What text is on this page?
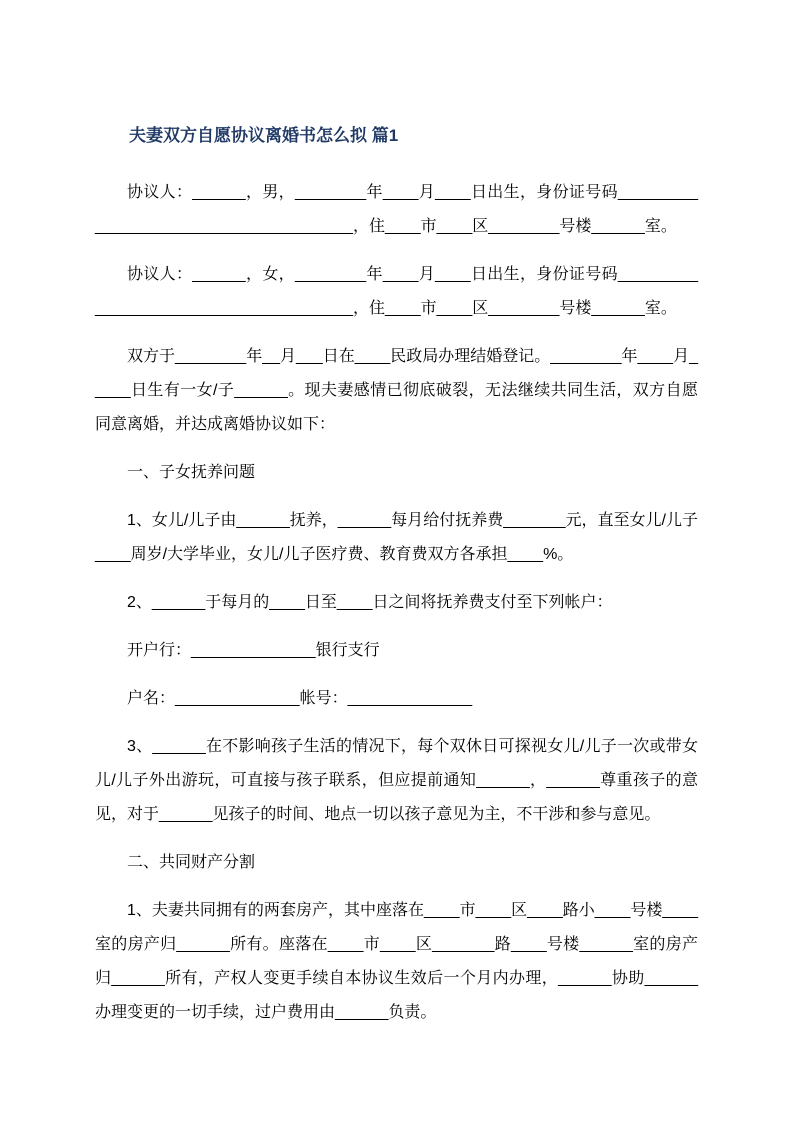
夫妻双方自愿协议离婚书怎么拟 篇1

协议人：______，男，________年____月____日出生，身份证号码______________________________________，住____市____区________号楼______室。

协议人：______，女，________年____月____日出生，身份证号码______________________________________，住____市____区________号楼______室。

双方于________年__月___日在____民政局办理结婚登记。________年____月_____日生有一女/子______。现夫妻感情已彻底破裂，无法继续共同生活，双方自愿同意离婚，并达成离婚协议如下：

一、子女抚养问题

1、女儿/儿子由______抚养，______每月给付抚养费_______元，直至女儿/儿子____周岁/大学毕业，女儿/儿子医疗费、教育费双方各承担____%。

2、______于每月的____日至____日之间将抚养费支付至下列帐户：

开户行：______________银行支行

户名：______________帐号：______________

3、______在不影响孩子生活的情况下，每个双休日可探视女儿/儿子一次或带女儿/儿子外出游玩，可直接与孩子联系，但应提前通知______，______尊重孩子的意见，对于______见孩子的时间、地点一切以孩子意见为主，不干涉和参与意见。

二、共同财产分割

1、夫妻共同拥有的两套房产，其中座落在____市____区____路小____号楼____室的房产归______所有。座落在____市____区_______路____号楼______室的房产归______所有，产权人变更手续自本协议生效后一个月内办理，______协助______办理变更的一切手续，过户费用由______负责。
